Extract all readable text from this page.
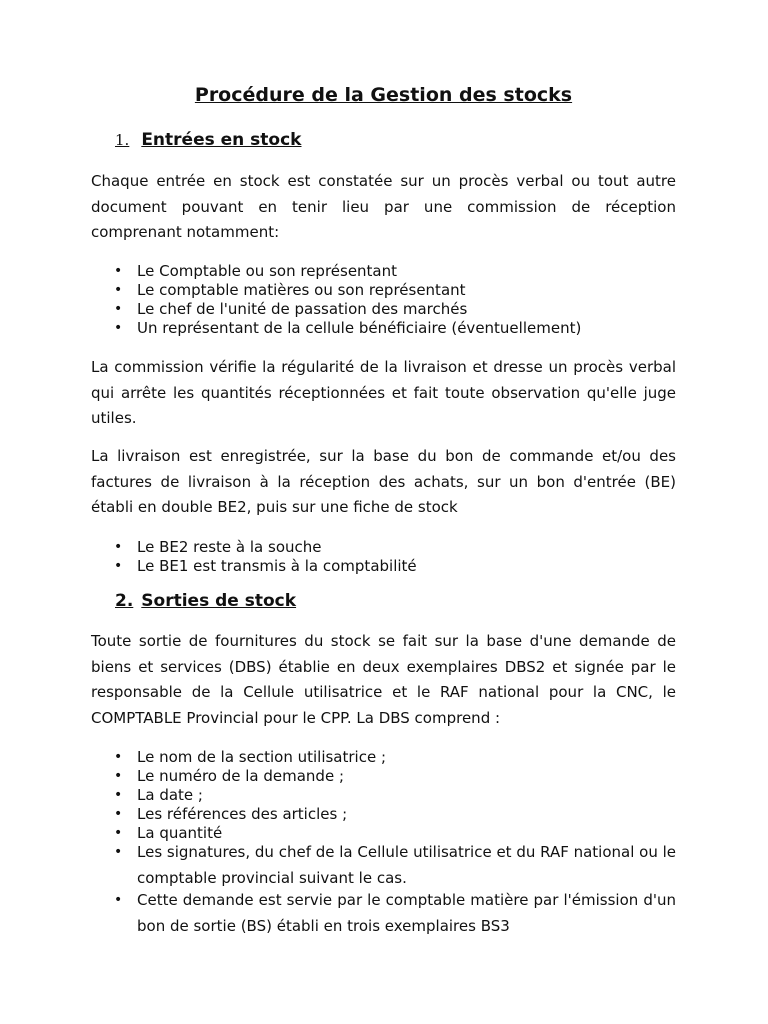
Procédure de la Gestion des stocks
1. Entrées en stock

Chaque entrée en stock est constatée sur un procès verbal ou tout autre document pouvant en tenir lieu par une commission de réception comprenant notamment:

• Le Comptable ou son représentant
• Le comptable matières ou son représentant
• Le chef de l'unité de passation des marchés
• Un représentant de la cellule bénéficiaire (éventuellement)

La commission vérifie la régularité de la livraison et dresse un procès verbal qui arrête les quantités réceptionnées et fait toute observation qu'elle juge utiles.

La livraison est enregistrée, sur la base du bon de commande et/ou des factures de livraison à la réception des achats, sur un bon d'entrée (BE) établi en double BE2, puis sur une fiche de stock

• Le BE2 reste à la souche
• Le BE1 est transmis à la comptabilité
2. Sorties de stock

Toute sortie de fournitures du stock se fait sur la base d'une demande de biens et services (DBS) établie en deux exemplaires DBS2 et signée par le responsable de la Cellule utilisatrice et le RAF national pour la CNC, le COMPTABLE Provincial pour le CPP. La DBS comprend :

• Le nom de la section utilisatrice ;
• Le numéro de la demande ;
• La date ;
• Les références des articles ;
• La quantité
• Les signatures, du chef de la Cellule utilisatrice et du RAF national ou le comptable provincial suivant le cas.
• Cette demande est servie par le comptable matière par l'émission d'un bon de sortie (BS) établi en trois exemplaires BS3
